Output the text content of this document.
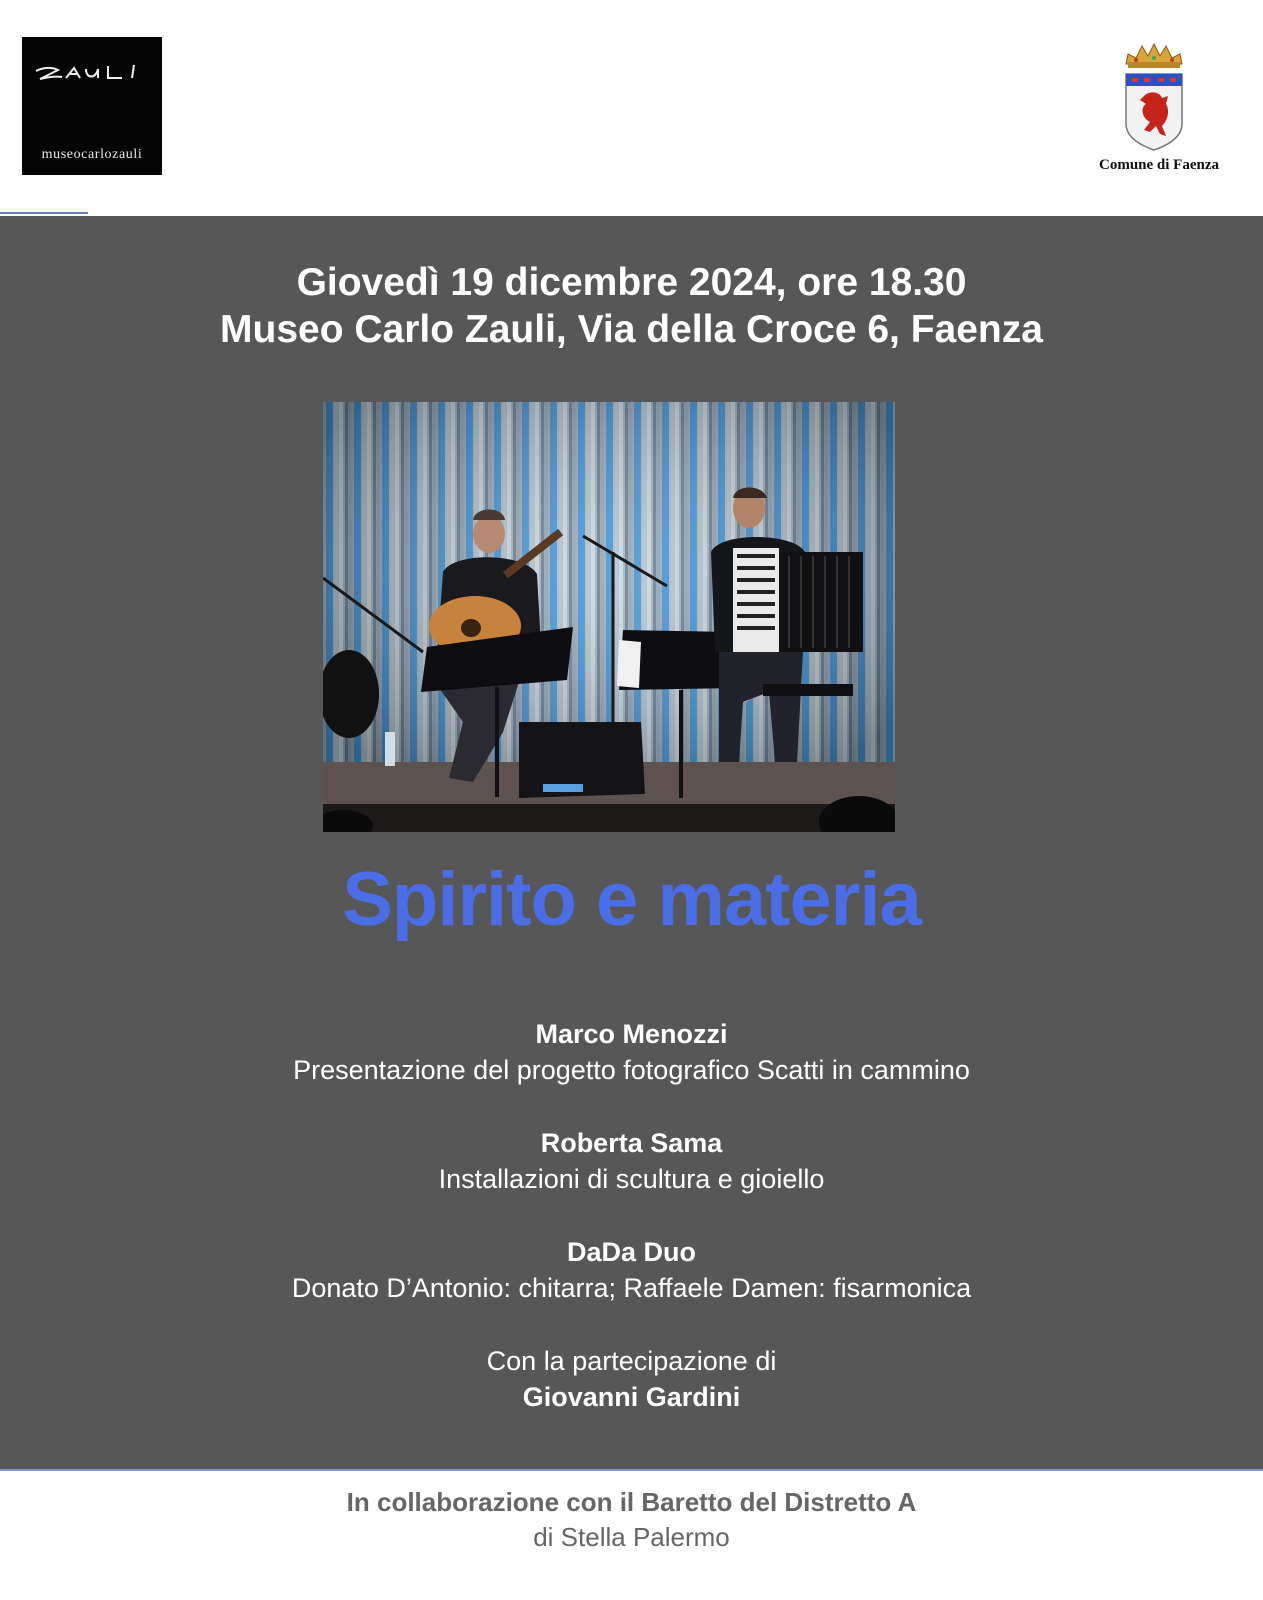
museocarlozauli
Comune di Faenza
Giovedì 19 dicembre 2024, ore 18.30
Museo Carlo Zauli, Via della Croce 6, Faenza
Spirito e materia
Marco Menozzi
Presentazione del progetto fotografico Scatti in cammino
Roberta Sama
Installazioni di scultura e gioiello
DaDa Duo
Donato D’Antonio: chitarra; Raffaele Damen: fisarmonica
Con la partecipazione di
Giovanni Gardini
In collaborazione con il Baretto del Distretto A
di Stella Palermo
